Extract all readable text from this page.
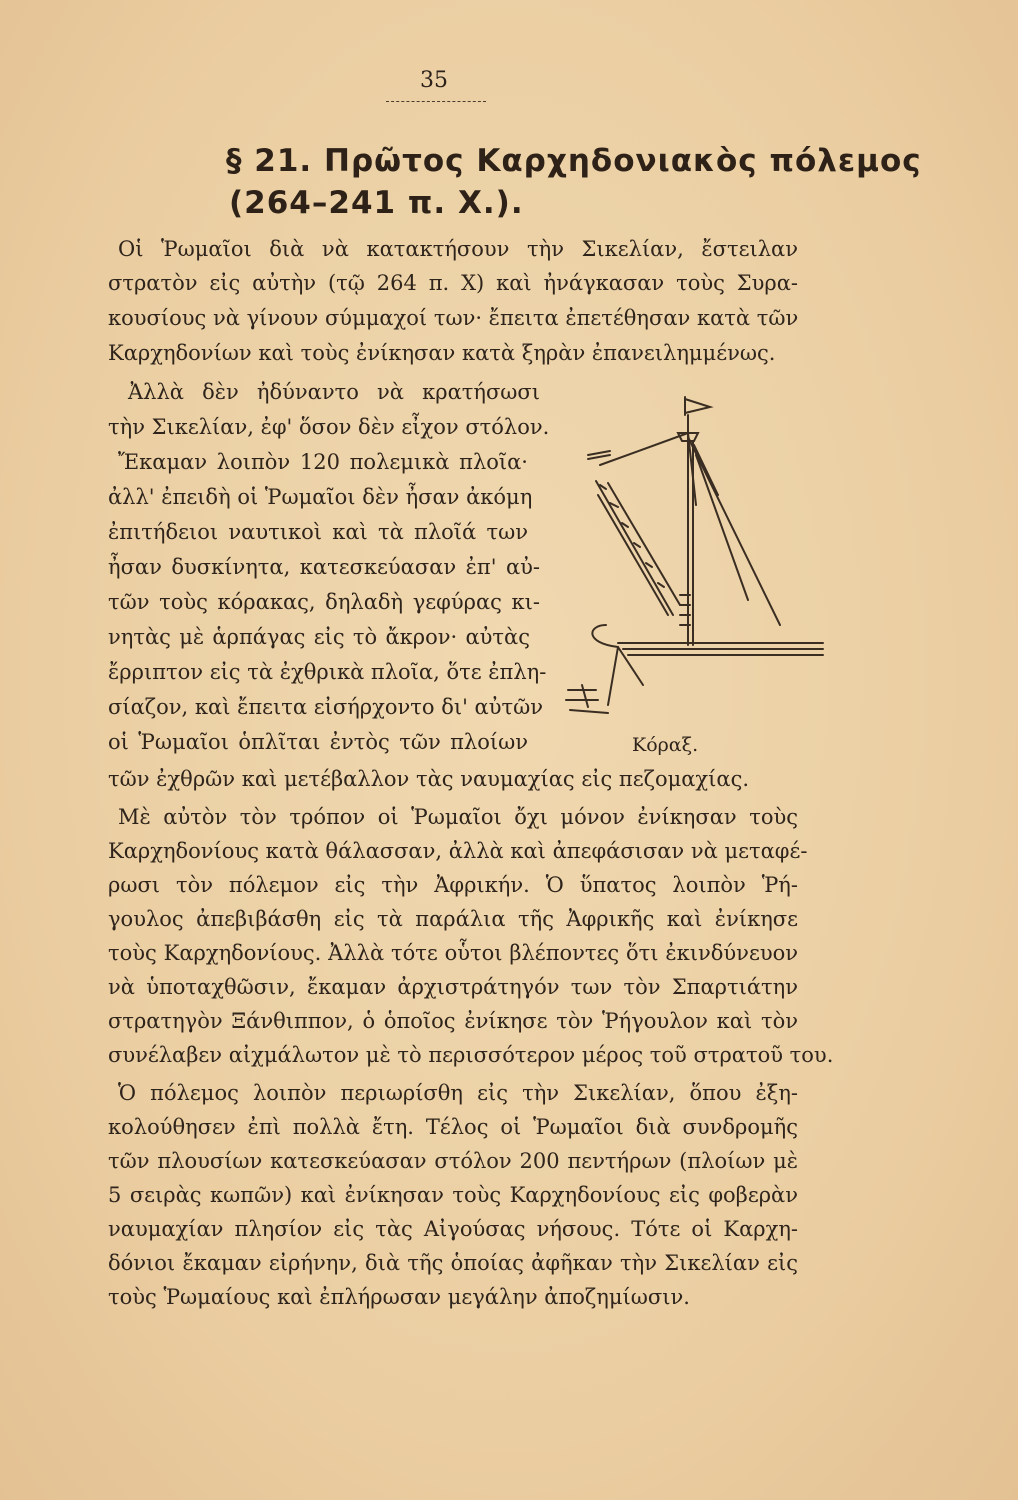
35
§ 21. Πρῶτος Καρχηδονιακὸς πόλεμος
(264–241 π. Χ.).
Οἱ Ῥωμαῖοι διὰ νὰ κατακτήσουν τὴν Σικελίαν, ἔστειλαν
στρατὸν εἰς αὐτὴν (τῷ 264 π. Χ) καὶ ἠνάγκασαν τοὺς Συρα-
κουσίους νὰ γίνουν σύμμαχοί των· ἔπειτα ἐπετέθησαν κατὰ τῶν
Καρχηδονίων καὶ τοὺς ἐνίκησαν κατὰ ξηρὰν ἐπανειλημμένως.
Ἀλλὰ δὲν ἠδύναντο νὰ κρατήσωσι
τὴν Σικελίαν, ἐφ' ὅσον δὲν εἶχον στόλον.
Ἔκαμαν λοιπὸν 120 πολεμικὰ πλοῖα·
ἀλλ' ἐπειδὴ οἱ Ῥωμαῖοι δὲν ἦσαν ἀκόμη
ἐπιτήδειοι ναυτικοὶ καὶ τὰ πλοῖά των
ἦσαν δυσκίνητα, κατεσκεύασαν ἐπ' αὐ-
τῶν τοὺς κόρακας, δηλαδὴ γεφύρας κι-
νητὰς μὲ ἁρπάγας εἰς τὸ ἄκρον· αὐτὰς
ἔρριπτον εἰς τὰ ἐχθρικὰ πλοῖα, ὅτε ἐπλη-
σίαζον, καὶ ἔπειτα εἰσήρχοντο δι' αὐτῶν
οἱ Ῥωμαῖοι ὁπλῖται ἐντὸς τῶν πλοίων
τῶν ἐχθρῶν καὶ μετέβαλλον τὰς ναυμαχίας εἰς πεζομαχίας.
Μὲ αὐτὸν τὸν τρόπον οἱ Ῥωμαῖοι ὄχι μόνον ἐνίκησαν τοὺς
Καρχηδονίους κατὰ θάλασσαν, ἀλλὰ καὶ ἀπεφάσισαν νὰ μεταφέ-
ρωσι τὸν πόλεμον εἰς τὴν Ἀφρικήν. Ὁ ὕπατος λοιπὸν Ῥή-
γουλος ἀπεβιβάσθη εἰς τὰ παράλια τῆς Ἀφρικῆς καὶ ἐνίκησε
τοὺς Καρχηδονίους. Ἀλλὰ τότε οὗτοι βλέποντες ὅτι ἐκινδύνευον
νὰ ὑποταχθῶσιν, ἔκαμαν ἀρχιστράτηγόν των τὸν Σπαρτιάτην
στρατηγὸν Ξάνθιππον, ὁ ὁποῖος ἐνίκησε τὸν Ῥήγουλον καὶ τὸν
συνέλαβεν αἰχμάλωτον μὲ τὸ περισσότερον μέρος τοῦ στρατοῦ του.
Ὁ πόλεμος λοιπὸν περιωρίσθη εἰς τὴν Σικελίαν, ὅπου ἐξη-
κολούθησεν ἐπὶ πολλὰ ἔτη. Τέλος οἱ Ῥωμαῖοι διὰ συνδρομῆς
τῶν πλουσίων κατεσκεύασαν στόλον 200 πεντήρων (πλοίων μὲ
5 σειρὰς κωπῶν) καὶ ἐνίκησαν τοὺς Καρχηδονίους εἰς φοβερὰν
ναυμαχίαν πλησίον εἰς τὰς Αἰγούσας νήσους. Τότε οἱ Καρχη-
δόνιοι ἔκαμαν εἰρήνην, διὰ τῆς ὁποίας ἀφῆκαν τὴν Σικελίαν εἰς
τοὺς Ῥωμαίους καὶ ἐπλήρωσαν μεγάλην ἀποζημίωσιν.
Κόραξ.
